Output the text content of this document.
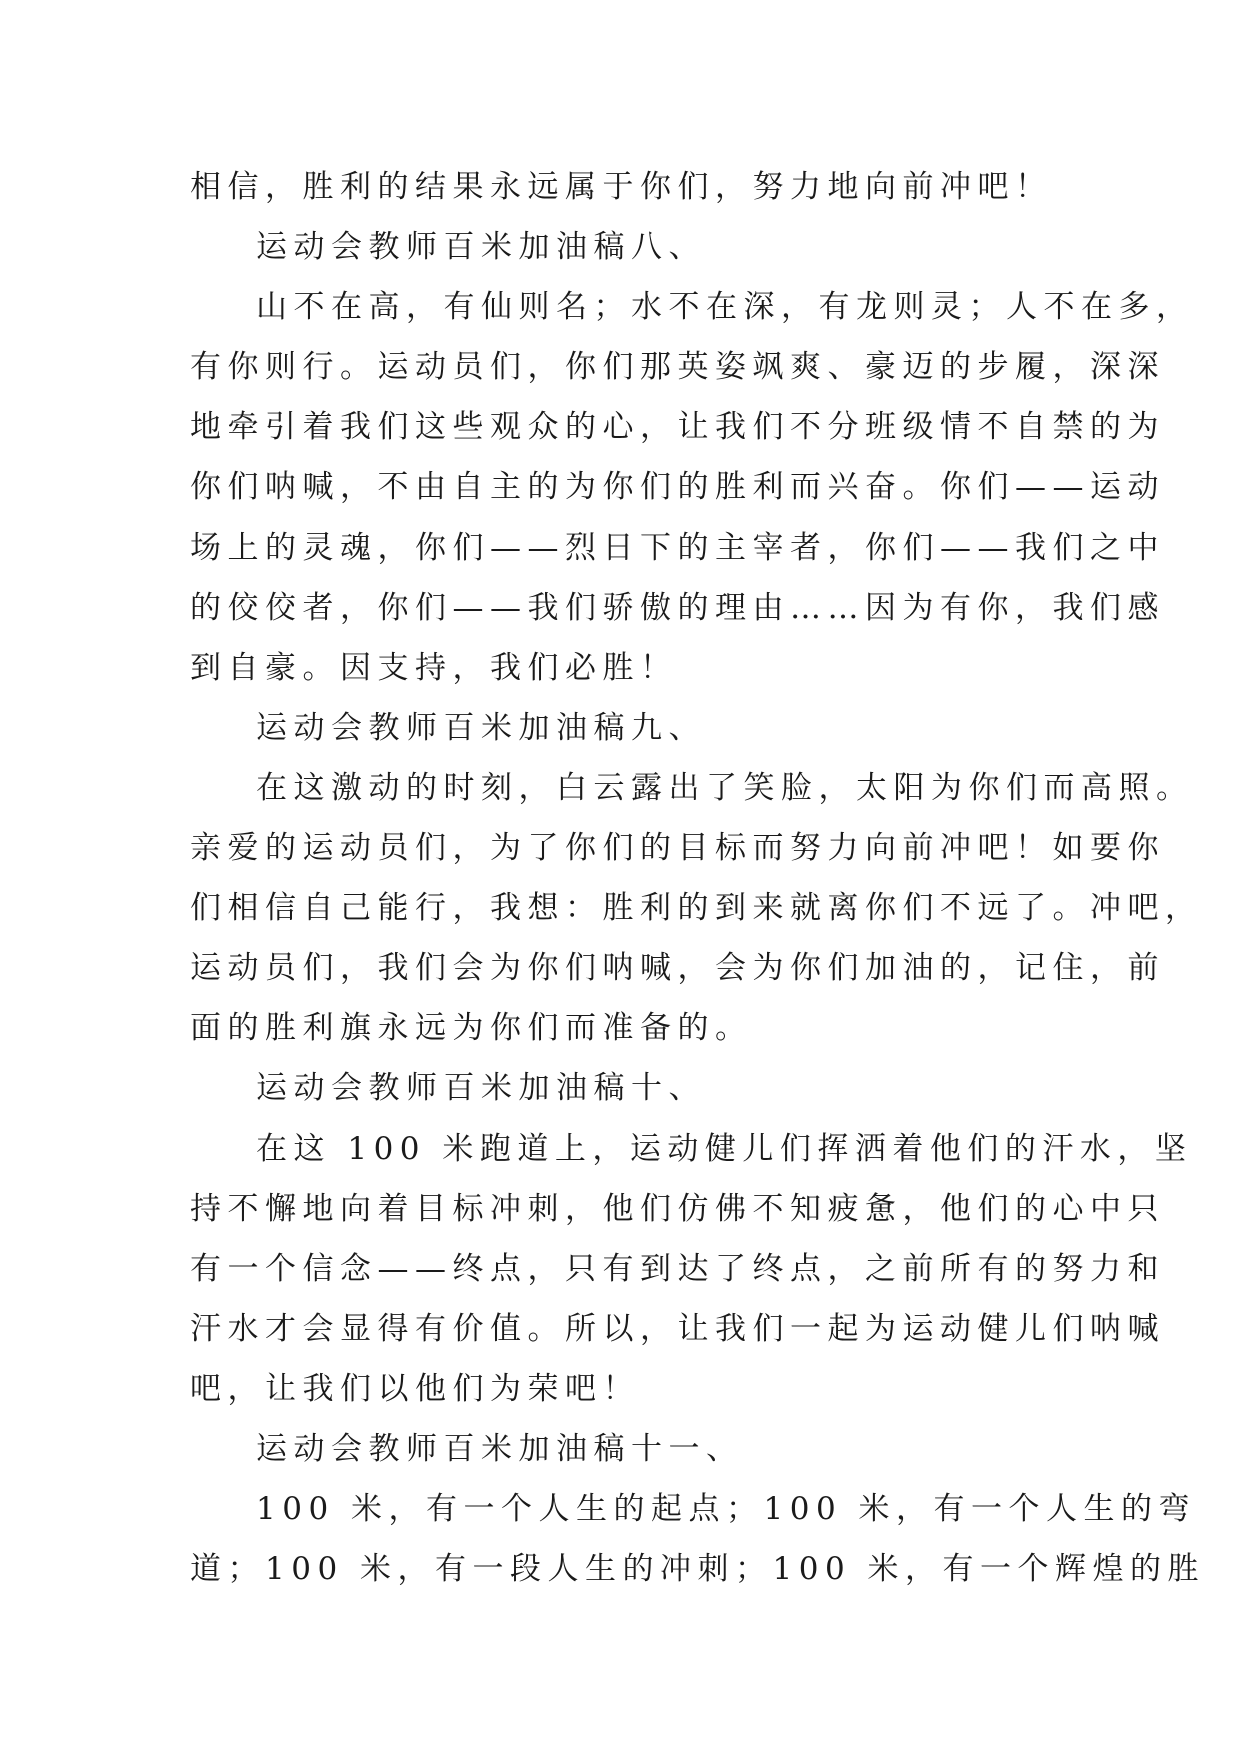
相信，胜利的结果永远属于你们，努力地向前冲吧！
运动会教师百米加油稿八、
山不在高，有仙则名；水不在深，有龙则灵；人不在多，
有你则行。运动员们，你们那英姿飒爽、豪迈的步履，深深
地牵引着我们这些观众的心，让我们不分班级情不自禁的为
你们呐喊，不由自主的为你们的胜利而兴奋。你们——运动
场上的灵魂，你们——烈日下的主宰者，你们——我们之中
的佼佼者，你们——我们骄傲的理由……因为有你，我们感
到自豪。因支持，我们必胜！
运动会教师百米加油稿九、
在这激动的时刻，白云露出了笑脸，太阳为你们而高照。
亲爱的运动员们，为了你们的目标而努力向前冲吧！如要你
们相信自己能行，我想：胜利的到来就离你们不远了。冲吧，
运动员们，我们会为你们呐喊，会为你们加油的，记住，前
面的胜利旗永远为你们而准备的。
运动会教师百米加油稿十、
在这 100 米跑道上，运动健儿们挥洒着他们的汗水，坚
持不懈地向着目标冲刺，他们仿佛不知疲惫，他们的心中只
有一个信念——终点，只有到达了终点，之前所有的努力和
汗水才会显得有价值。所以，让我们一起为运动健儿们呐喊
吧，让我们以他们为荣吧！
运动会教师百米加油稿十一、
100 米，有一个人生的起点；100 米，有一个人生的弯
道；100 米，有一段人生的冲刺；100 米，有一个辉煌的胜
